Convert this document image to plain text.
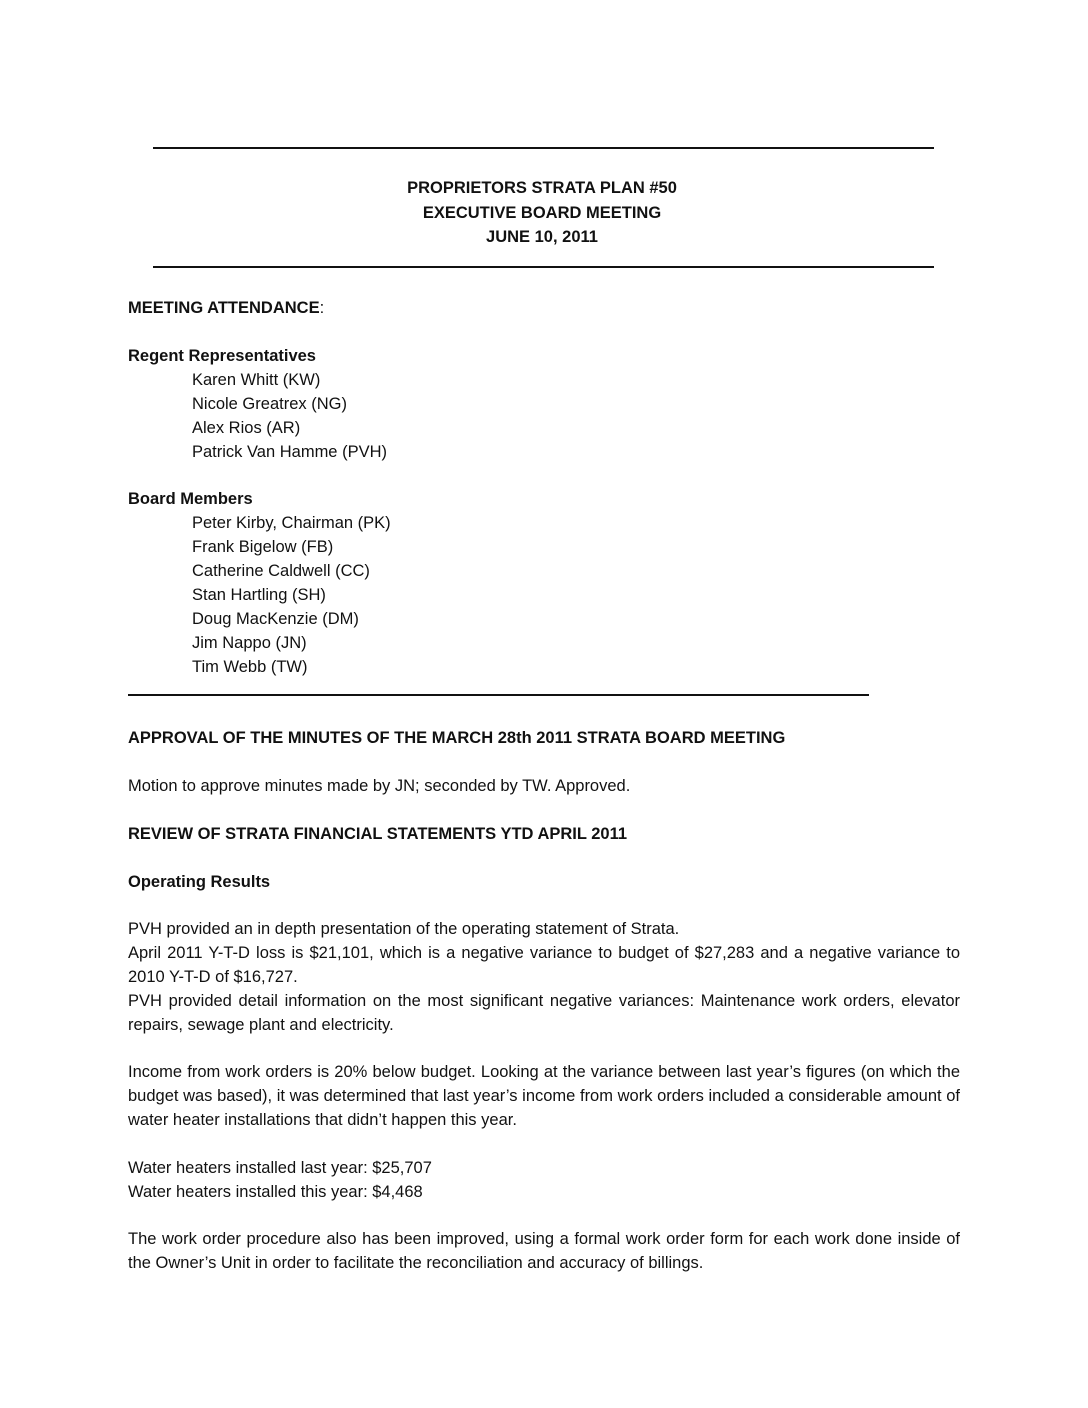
PROPRIETORS STRATA PLAN #50
EXECUTIVE BOARD MEETING
JUNE 10, 2011
MEETING ATTENDANCE:
Regent Representatives
Karen Whitt (KW)
Nicole Greatrex (NG)
Alex Rios (AR)
Patrick Van Hamme (PVH)
Board Members
Peter Kirby, Chairman (PK)
Frank Bigelow (FB)
Catherine Caldwell (CC)
Stan Hartling (SH)
Doug MacKenzie (DM)
Jim Nappo (JN)
Tim Webb (TW)
APPROVAL OF THE MINUTES OF THE MARCH 28th 2011 STRATA BOARD MEETING
Motion to approve minutes made by JN; seconded by TW. Approved.
REVIEW OF STRATA FINANCIAL STATEMENTS YTD APRIL 2011
Operating Results
PVH provided an in depth presentation of the operating statement of Strata.
April 2011 Y-T-D loss is $21,101, which is a negative variance to budget of $27,283 and a negative variance to 2010 Y-T-D of $16,727.
PVH provided detail information on the most significant negative variances: Maintenance work orders, elevator repairs, sewage plant and electricity.
Income from work orders is 20% below budget. Looking at the variance between last year’s figures (on which the budget was based), it was determined that last year’s income from work orders included a considerable amount of water heater installations that didn’t happen this year.
Water heaters installed last year: $25,707
Water heaters installed this year: $4,468
The work order procedure also has been improved, using a formal work order form for each work done inside of the Owner’s Unit in order to facilitate the reconciliation and accuracy of billings.
